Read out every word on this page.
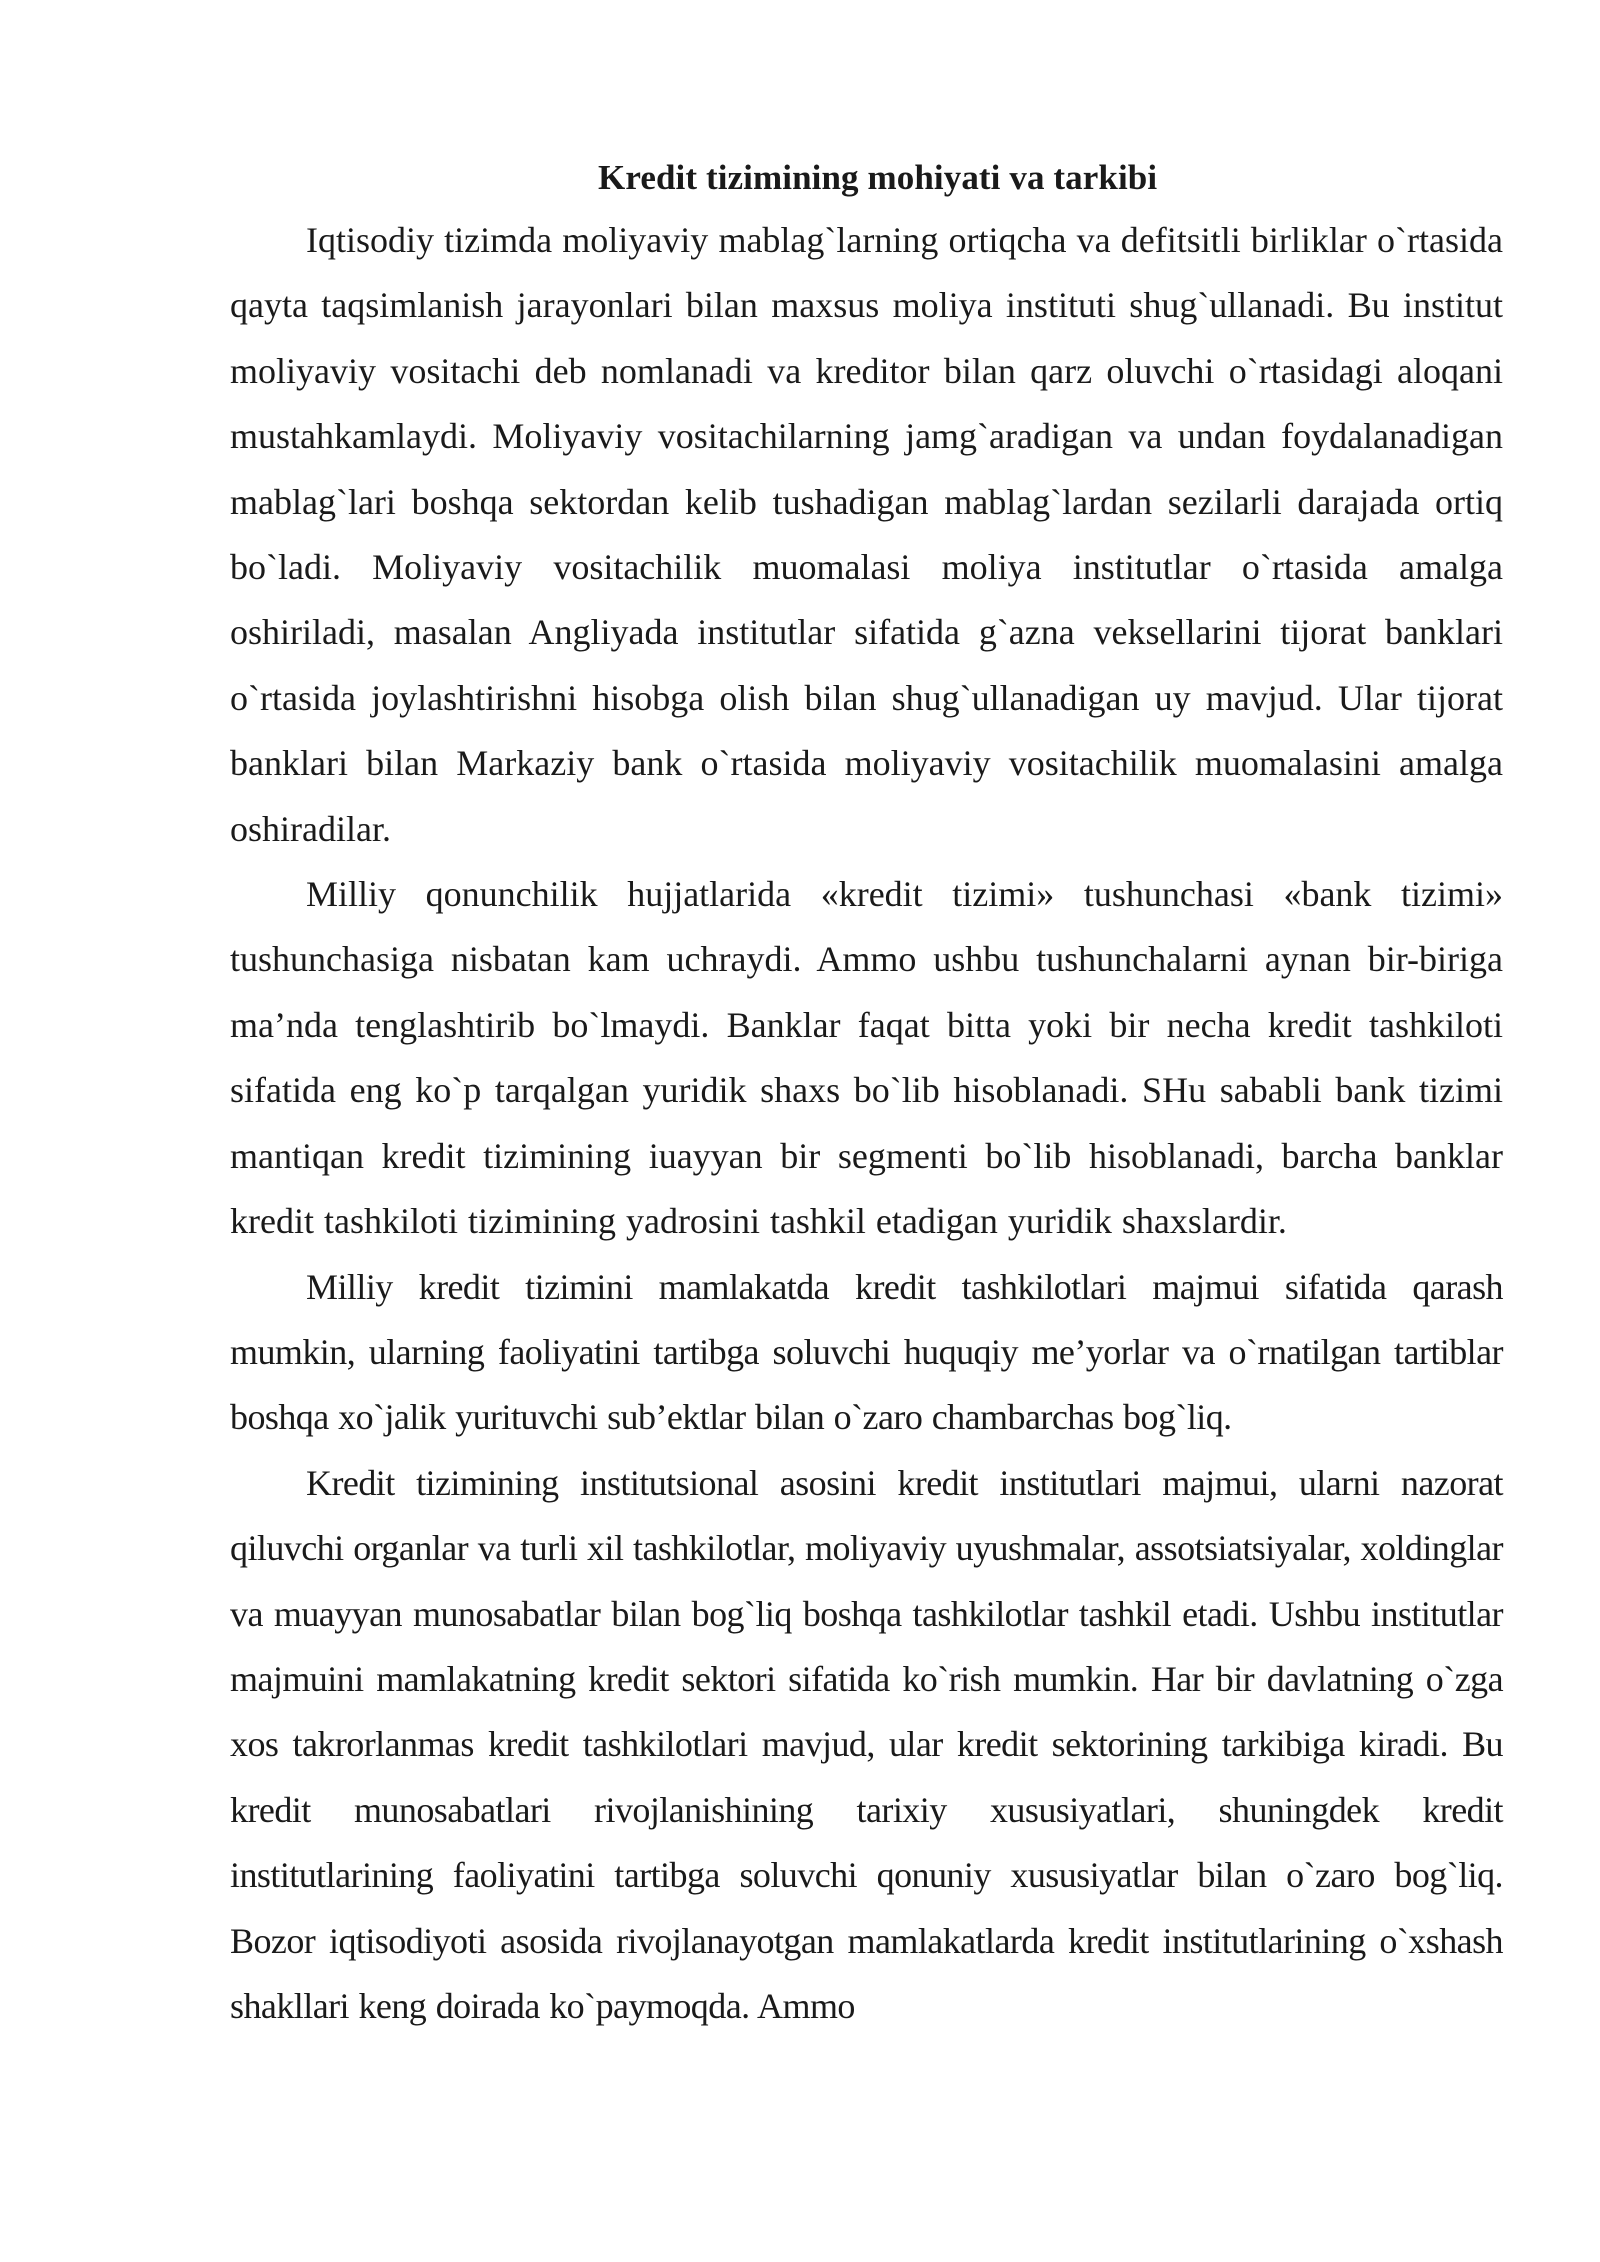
Kredit tizimining mohiyati va tarkibi

Iqtisodiy tizimda moliyaviy mablag`larning ortiqcha va defitsitli birliklar o`rtasida qayta taqsimlanish jarayonlari bilan maxsus moliya instituti shug`ullanadi. Bu institut moliyaviy vositachi deb nomlanadi va kreditor bilan qarz oluvchi o`rtasidagi aloqani mustahkamlaydi. Moliyaviy vositachilarning jamg`aradigan va undan foydalanadigan mablag`lari boshqa sektordan kelib tushadigan mablag`lardan sezilarli darajada ortiq bo`ladi. Moliyaviy vositachilik muomalasi moliya institutlar o`rtasida amalga oshiriladi, masalan Angliyada institutlar sifatida g`azna veksellarini tijorat banklari o`rtasida joylashtirishni hisobga olish bilan shug`ullanadigan uy mavjud. Ular tijorat banklari bilan Markaziy bank o`rtasida moliyaviy vositachilik muomalasini amalga oshiradilar.

Milliy qonunchilik hujjatlarida «kredit tizimi» tushunchasi «bank tizimi» tushunchasiga nisbatan kam uchraydi. Ammo ushbu tushunchalarni aynan bir-biriga ma’nda tenglashtirib bo`lmaydi. Banklar faqat bitta yoki bir necha kredit tashkiloti sifatida eng ko`p tarqalgan yuridik shaxs bo`lib hisoblanadi. SHu sababli bank tizimi mantiqan kredit tizimining iuayyan bir segmenti bo`lib hisoblanadi, barcha banklar kredit tashkiloti tizimining yadrosini tashkil etadigan yuridik shaxslardir.

Milliy kredit tizimini mamlakatda kredit tashkilotlari majmui sifatida qarash mumkin, ularning faoliyatini tartibga soluvchi huquqiy me’yorlar va o`rnatilgan tartiblar boshqa xo`jalik yurituvchi sub’ektlar bilan o`zaro chambarchas bog`liq.

Kredit tizimining institutsional asosini kredit institutlari majmui, ularni nazorat qiluvchi organlar va turli xil tashkilotlar, moliyaviy uyushmalar, assotsiatsiyalar, xoldinglar va muayyan munosabatlar bilan bog`liq boshqa tashkilotlar tashkil etadi. Ushbu institutlar majmuini mamlakatning kredit sektori sifatida ko`rish mumkin. Har bir davlatning o`zga xos takrorlanmas kredit tashkilotlari mavjud, ular kredit sektorining tarkibiga kiradi. Bu kredit munosabatlari rivojlanishining tarixiy xususiyatlari, shuningdek kredit institutlarining faoliyatini tartibga soluvchi qonuniy xususiyatlar bilan o`zaro bog`liq. Bozor iqtisodiyoti asosida rivojlanayotgan mamlakatlarda kredit institutlarining o`xshash shakllari keng doirada ko`paymoqda. Ammo
